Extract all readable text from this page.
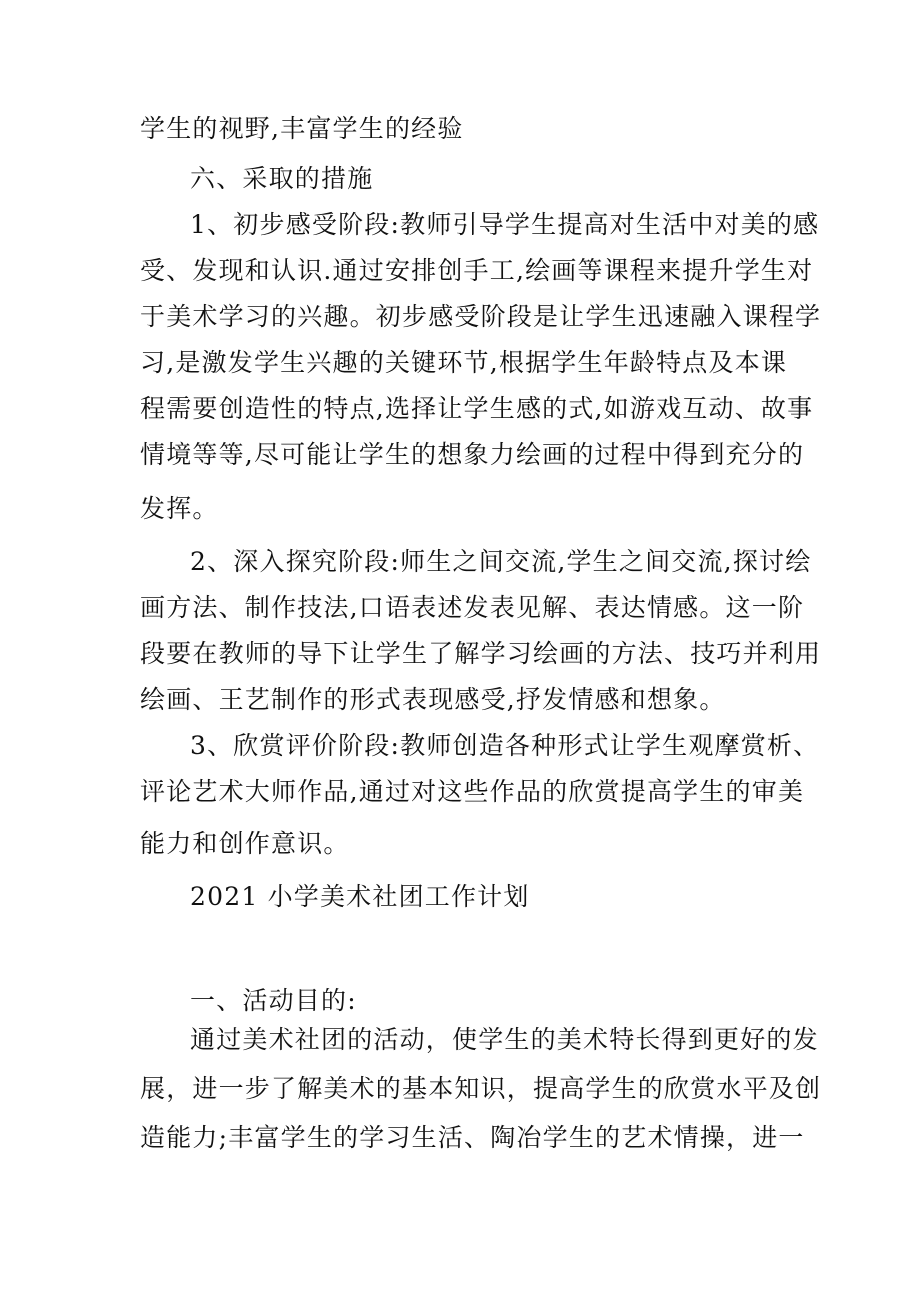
学生的视野,丰富学生的经验
六、采取的措施
1、初步感受阶段:教师引导学生提高对生活中对美的感
受、发现和认识.通过安排创手工,绘画等课程来提升学生对
于美术学习的兴趣。初步感受阶段是让学生迅速融入课程学
习,是激发学生兴趣的关键环节,根据学生年龄特点及本课
程需要创造性的特点,选择让学生感的式,如游戏互动、故事
情境等等,尽可能让学生的想象力绘画的过程中得到充分的
发挥。
2、深入探究阶段:师生之间交流,学生之间交流,探讨绘
画方法、制作技法,口语表述发表见解、表达情感。这一阶
段要在教师的导下让学生了解学习绘画的方法、技巧并利用
绘画、王艺制作的形式表现感受,抒发情感和想象。
3、欣赏评价阶段:教师创造各种形式让学生观摩赏析、
评论艺术大师作品,通过对这些作品的欣赏提高学生的审美
能力和创作意识。
2021 小学美术社团工作计划
一、活动目的:
通过美术社团的活动，使学生的美术特长得到更好的发
展，进一步了解美术的基本知识，提高学生的欣赏水平及创
造能力;丰富学生的学习生活、陶冶学生的艺术情操，进一
